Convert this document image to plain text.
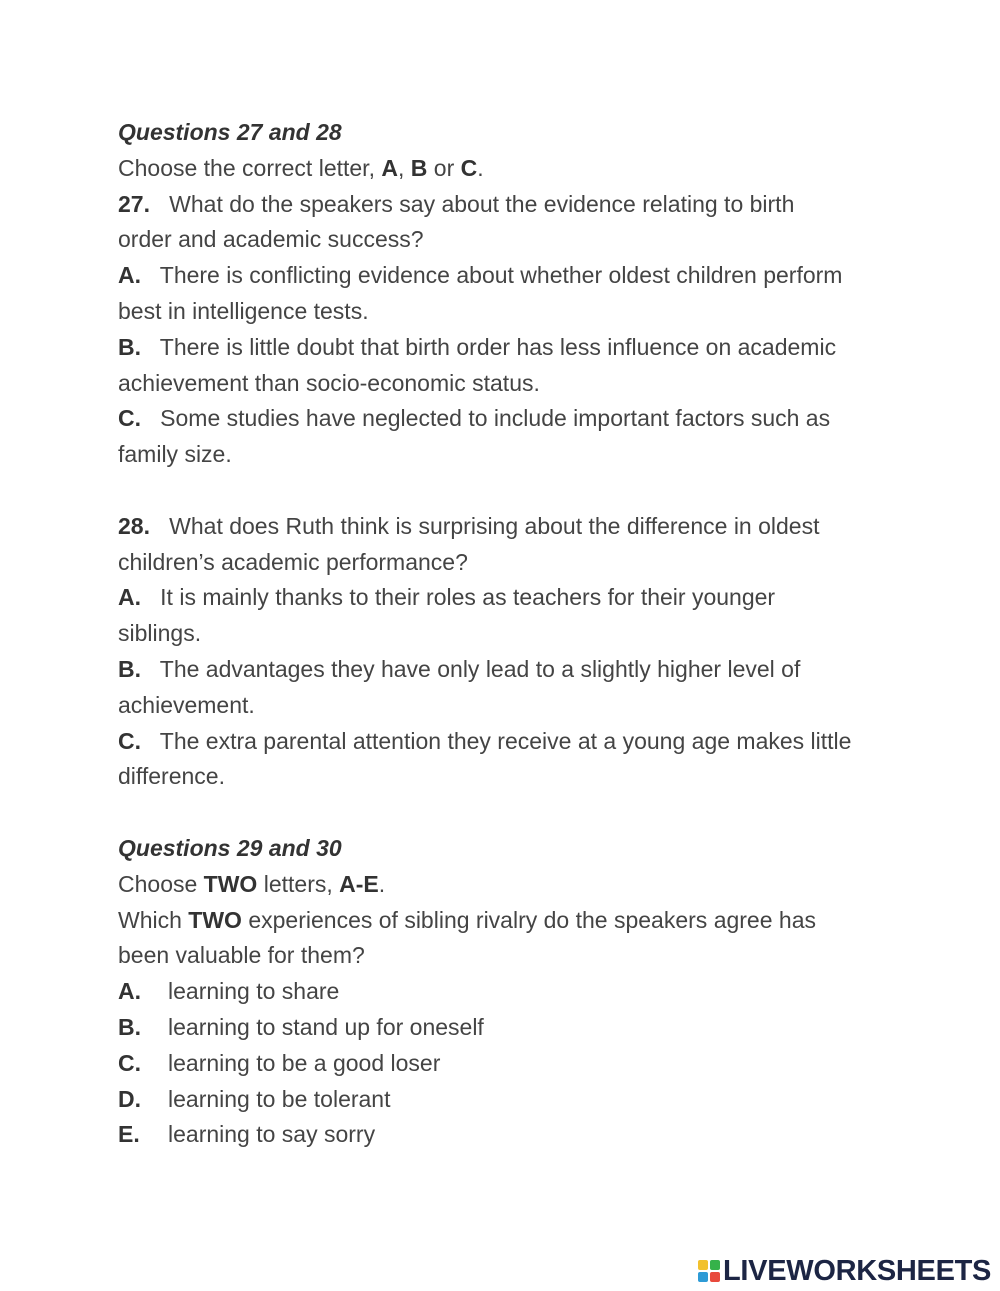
Questions 27 and 28
Choose the correct letter, A, B or C.
27. What do the speakers say about the evidence relating to birth
order and academic success?
A. There is conflicting evidence about whether oldest children perform
best in intelligence tests.
B. There is little doubt that birth order has less influence on academic
achievement than socio-economic status.
C. Some studies have neglected to include important factors such as
family size.
28. What does Ruth think is surprising about the difference in oldest
children’s academic performance?
A. It is mainly thanks to their roles as teachers for their younger
siblings.
B. The advantages they have only lead to a slightly higher level of
achievement.
C. The extra parental attention they receive at a young age makes little
difference.
Questions 29 and 30
Choose TWO letters, A-E.
Which TWO experiences of sibling rivalry do the speakers agree has
been valuable for them?
A.	learning to share
B.	learning to stand up for oneself
C.	learning to be a good loser
D.	learning to be tolerant
E.	learning to say sorry
LIVEWORKSHEETS
